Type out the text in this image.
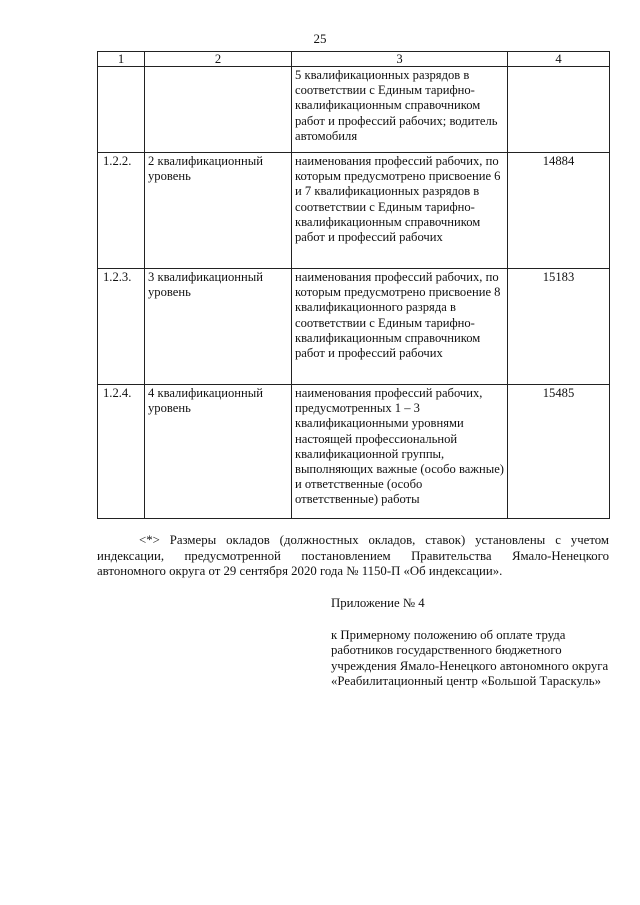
25
1	2	3	4
		5 квалификационных разрядов в соответствии с Единым тарифно-квалификационным справочником работ и профессий рабочих; водитель автомобиля	
1.2.2.	2 квалификационный уровень	наименования профессий рабочих, по которым предусмотрено присвоение 6 и 7 квалификационных разрядов в соответствии с Единым тарифно-квалификационным справочником работ и профессий рабочих	14884
1.2.3.	3 квалификационный уровень	наименования профессий рабочих, по которым предусмотрено присвоение 8 квалификационного разряда в соответствии с Единым тарифно-квалификационным справочником работ и профессий рабочих	15183
1.2.4.	4 квалификационный уровень	наименования профессий рабочих, предусмотренных 1 – 3 квалификационными уровнями настоящей профессиональной квалификационной группы, выполняющих важные (особо важные) и ответственные (особо ответственные) работы	15485
<*> Размеры окладов (должностных окладов, ставок) установлены с учетом индексации, предусмотренной постановлением Правительства Ямало-Ненецкого автономного округа от 29 сентября 2020 года № 1150-П «Об индексации».
Приложение № 4
к Примерному положению об оплате труда работников государственного бюджетного учреждения Ямало-Ненецкого автономного округа «Реабилитационный центр «Большой Тараскуль»
